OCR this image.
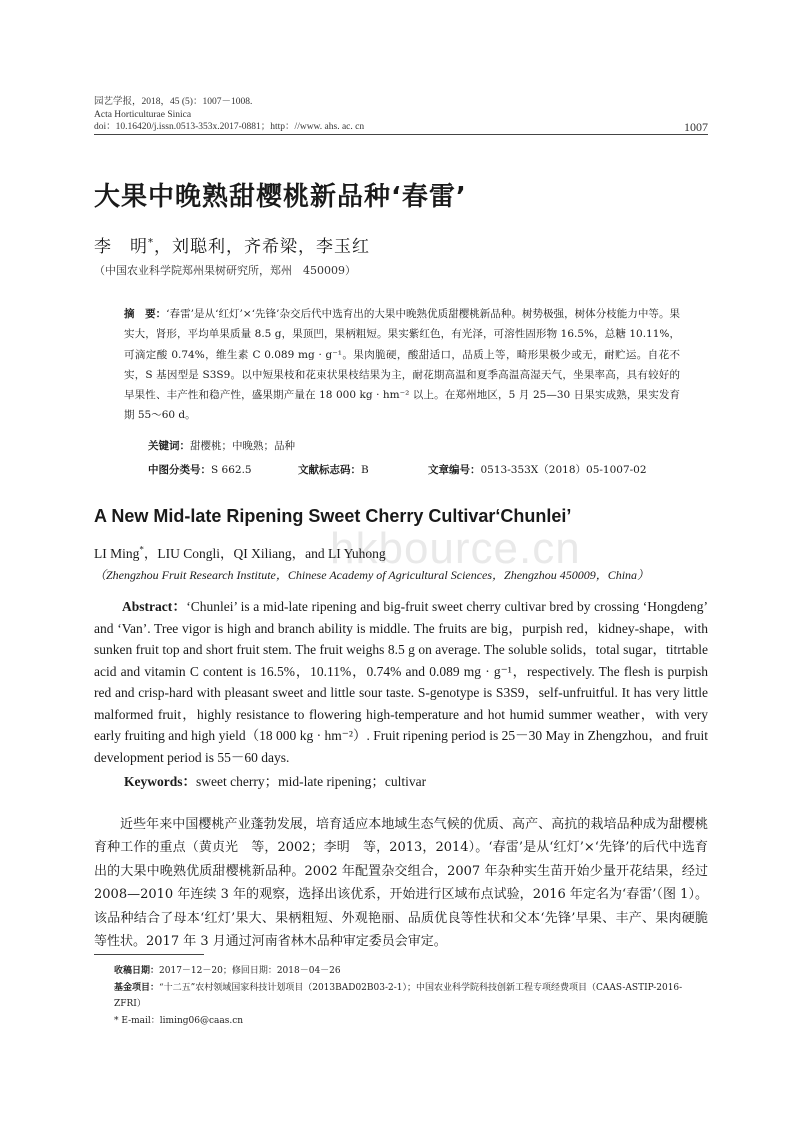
园艺学报，2018，45 (5)：1007－1008.
Acta Horticulturae Sinica
doi：10.16420/j.issn.0513-353x.2017-0881；http：//www. ahs. ac. cn	1007
大果中晚熟甜樱桃新品种‘春雷’
李　明*，刘聪利，齐希梁，李玉红
（中国农业科学院郑州果树研究所，郑州　450009）
摘　要：‘春雷’是从‘红灯’×‘先锋’杂交后代中选育出的大果中晚熟优质甜樱桃新品种。树势极强，树体分枝能力中等。果实大，肾形，平均单果质量 8.5 g，果顶凹，果柄粗短。果实紫红色，有光泽，可溶性固形物 16.5%，总糖 10.11%，可滴定酸 0.74%，维生素 C 0.089 mg · g⁻¹。果肉脆硬，酸甜适口，品质上等，畸形果极少或无，耐贮运。自花不实，S 基因型是 S3S9。以中短果枝和花束状果枝结果为主，耐花期高温和夏季高温高湿天气，坐果率高，具有较好的早果性、丰产性和稳产性，盛果期产量在 18 000 kg · hm⁻² 以上。在郑州地区，5 月 25—30 日果实成熟，果实发育期 55～60 d。
关键词：甜樱桃；中晚熟；品种
中图分类号：S 662.5	文献标志码：B	文章编号：0513-353X（2018）05-1007-02
hkbource.cn
A New Mid-late Ripening Sweet Cherry Cultivar‘Chunlei’
LI Ming*，LIU Congli，QI Xiliang，and LI Yuhong
（Zhengzhou Fruit Research Institute，Chinese Academy of Agricultural Sciences，Zhengzhou 450009，China）
Abstract：‘Chunlei’ is a mid-late ripening and big-fruit sweet cherry cultivar bred by crossing ‘Hongdeng’ and ‘Van’. Tree vigor is high and branch ability is middle. The fruits are big，purpish red，kidney-shape，with sunken fruit top and short fruit stem. The fruit weighs 8.5 g on average. The soluble solids，total sugar，titrtable acid and vitamin C content is 16.5%，10.11%，0.74% and 0.089 mg · g⁻¹，respectively. The flesh is purpish red and crisp-hard with pleasant sweet and little sour taste. S-genotype is S3S9，self-unfruitful. It has very little malformed fruit，highly resistance to flowering high-temperature and hot humid summer weather，with very early fruiting and high yield（18 000 kg · hm⁻²）. Fruit ripening period is 25－30 May in Zhengzhou，and fruit development period is 55－60 days.
Keywords：sweet cherry；mid-late ripening；cultivar
近些年来中国樱桃产业蓬勃发展，培育适应本地域生态气候的优质、高产、高抗的栽培品种成为甜樱桃育种工作的重点（黄贞光　等，2002；李明　等，2013，2014）。‘春雷’是从‘红灯’×‘先锋’的后代中选育出的大果中晚熟优质甜樱桃新品种。2002 年配置杂交组合，2007 年杂种实生苗开始少量开花结果，经过 2008—2010 年连续 3 年的观察，选择出该优系，开始进行区域布点试验，2016 年定名为‘春雷’（图 1）。该品种结合了母本‘红灯’果大、果柄粗短、外观艳丽、品质优良等性状和父本‘先锋’早果、丰产、果肉硬脆等性状。2017 年 3 月通过河南省林木品种审定委员会审定。
收稿日期：2017－12－20；修回日期：2018－04－26
基金项目：“十二五”农村领域国家科技计划项目（2013BAD02B03-2-1）；中国农业科学院科技创新工程专项经费项目（CAAS-ASTIP-2016-ZFRI）
* E-mail：liming06@caas.cn
